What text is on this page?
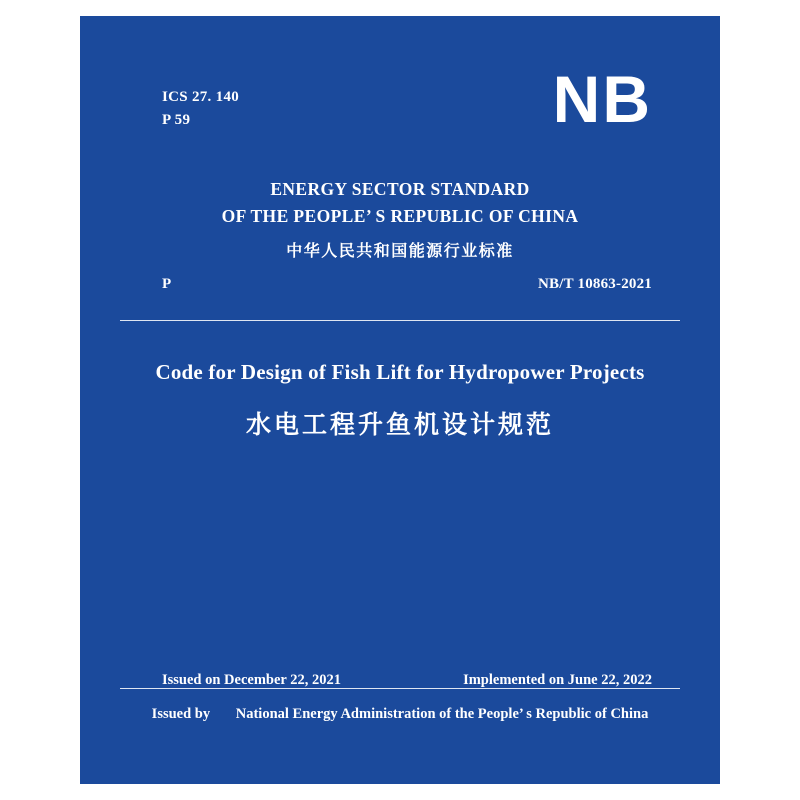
ICS 27. 140
P 59	NB
ENERGY SECTOR STANDARD
OF THE PEOPLE’ S REPUBLIC OF CHINA
中华人民共和国能源行业标准
P	NB/T 10863-2021
Code for Design of Fish Lift for Hydropower Projects
水电工程升鱼机设计规范
Issued on December 22, 2021	Implemented on June 22, 2022
Issued by National Energy Administration of the People’ s Republic of China
